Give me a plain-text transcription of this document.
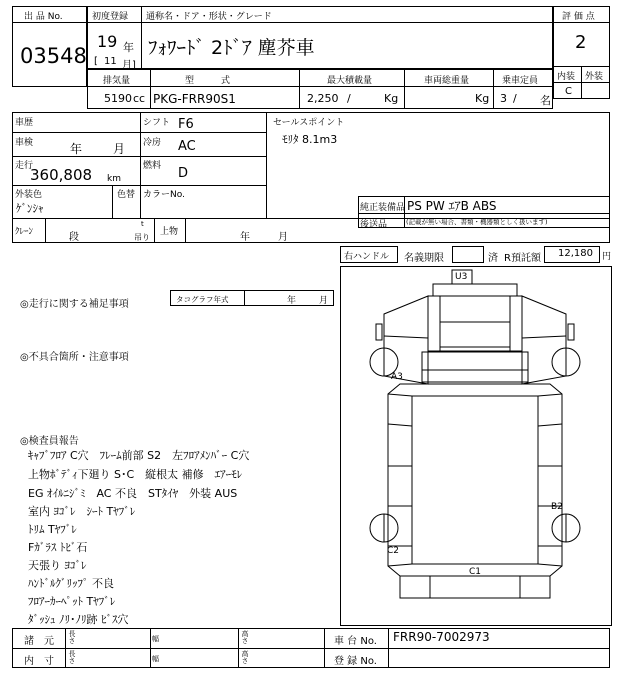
出 品 No.
03548
初度登録 通称名・ドア・形状・グレード
19 年
[ 11 月]
ﾌｫﾜｰﾄﾞ 2ﾄﾞｱ 塵芥車
評 価 点
2
内装 外装
C
排気量	型　　　式	最大積載量	車両総重量	乗車定員
5190 cc PKG-FRR90S1	2,250 /	Kg	Kg 3 / 名
車歴
車検	年	月
走行
360,808 km
シフト F6
冷房 AC
燃料 D
セールスポイント
ﾓﾘﾀ 8.1m3
外装色
ｹﾞﾝｼｬ
色替 カラーNo.
純正装備品 PS PW ｴｱB ABS
後送品	(記載が無い場合、書類・機器類としく扱います)
ｸﾚｰﾝ	段
t
吊り
上物	年	月
右ハンドル 名義期限	済 R預託額 12,180 円
◎走行に関する補足事項	タコグラフ年式	年	月
◎不具合箇所・注意事項
◎検査員報告
ｷｬﾌﾞﾌﾛｱ C穴　ﾌﾚｰﾑ前部 S2　左ﾌﾛｱﾒﾝﾊﾞｰ C穴
上物ﾎﾞﾃﾞｨ下廻り S･C　縦根太 補修　ｴｱｰﾓﾚ
EG ｵｲﾙﾆｼﾞﾐ　AC 不良　STﾀｲﾔ　外装 AUS
室内 ﾖｺﾞﾚ　ｼｰﾄ Tﾔﾌﾞﾚ
ﾄﾘﾑ Tﾔﾌﾞﾚ
Fｶﾞﾗｽ ﾄﾋﾞ石
天張り ﾖｺﾞﾚ
ﾊﾝﾄﾞﾙｸﾞﾘｯﾌﾟ 不良
ﾌﾛｱｰｶｰﾍﾟｯﾄ Tﾔﾌﾞﾚ
ﾀﾞｯｼｭ ﾉﾘ･ﾉﾘ跡 ﾋﾞｽ穴
U3
A3
B2
C2
C1
諸　元 長さ	幅	高さ	車 台 No. FRR90-7002973
内　寸 長さ	幅	高さ	登 録 No.
